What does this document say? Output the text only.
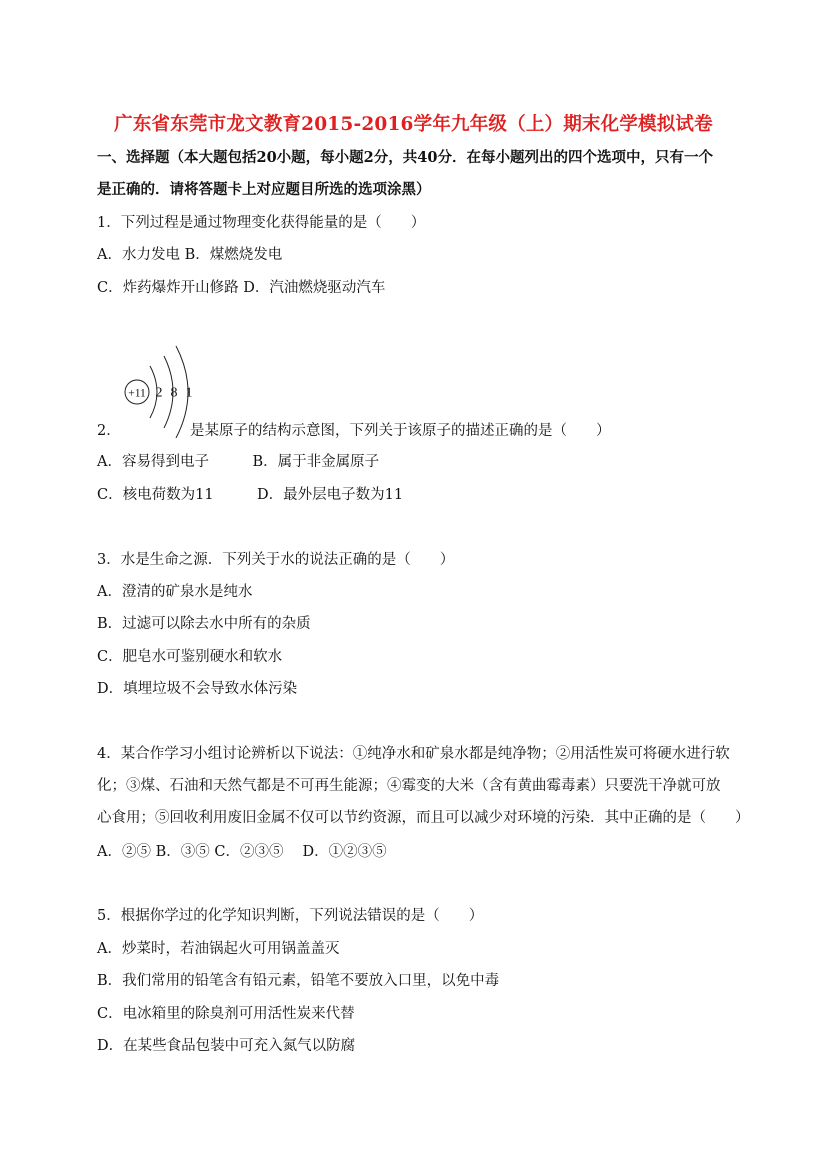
广东省东莞市龙文教育2015-2016学年九年级（上）期末化学模拟试卷
一、选择题（本大题包括20小题，每小题2分，共40分．在每小题列出的四个选项中，只有一个
是正确的．请将答题卡上对应题目所选的选项涂黑）
1．下列过程是通过物理变化获得能量的是（　　）
A．水力发电 B．煤燃烧发电
C．炸药爆炸开山修路 D．汽油燃烧驱动汽车
+11 2 8 1
2．	是某原子的结构示意图，下列关于该原子的描述正确的是（　　）
A．容易得到电子　　　B．属于非金属原子
C．核电荷数为11　　　D．最外层电子数为11
3．水是生命之源．下列关于水的说法正确的是（　　）
A．澄清的矿泉水是纯水
B．过滤可以除去水中所有的杂质
C．肥皂水可鉴别硬水和软水
D．填埋垃圾不会导致水体污染
4．某合作学习小组讨论辨析以下说法：①纯净水和矿泉水都是纯净物；②用活性炭可将硬水进行软
化；③煤、石油和天然气都是不可再生能源；④霉变的大米（含有黄曲霉毒素）只要洗干净就可放
心食用；⑤回收利用废旧金属不仅可以节约资源，而且可以减少对环境的污染．其中正确的是（　　）
A．②⑤ B．③⑤ C．②③⑤　 D．①②③⑤
5．根据你学过的化学知识判断，下列说法错误的是（　　）
A．炒菜时，若油锅起火可用锅盖盖灭
B．我们常用的铅笔含有铅元素，铅笔不要放入口里，以免中毒
C．电冰箱里的除臭剂可用活性炭来代替
D．在某些食品包装中可充入氮气以防腐
